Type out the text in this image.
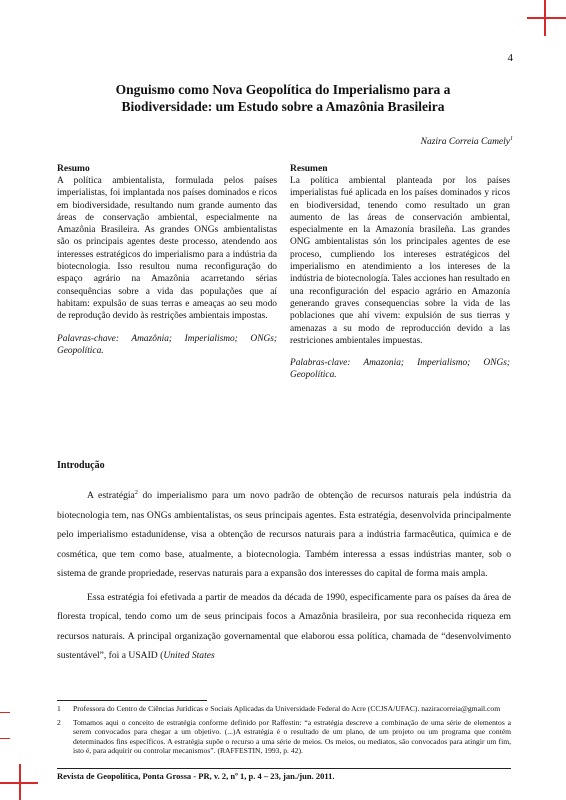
4
Onguismo como Nova Geopolítica do Imperialismo para a
Biodiversidade: um Estudo sobre a Amazônia Brasileira
Nazira Correia Camely$^1$
Resumo

A política ambientalista, formulada pelos países imperialistas, foi implantada nos países dominados e ricos em biodiversidade, resultando num grande aumento das áreas de conservação ambiental, especialmente na Amazônia Brasileira. As grandes ONGs ambientalistas são os principais agentes deste processo, atendendo aos interesses estratégicos do imperialismo para a indústria da biotecnologia. Isso resultou numa reconfiguração do espaço agrário na Amazônia acarretando sérias consequências sobre a vida das populações que aí habitam: expulsão de suas terras e ameaças ao seu modo de reprodução devido às restrições ambientais impostas.

Palavras-chave: Amazônia; Imperialismo; ONGs; Geopolítica.

Resumen

La política ambiental planteada por los países imperialistas fué aplicada en los países dominados y ricos en biodiversidad, tenendo como resultado un gran aumento de las áreas de conservación ambiental, especialmente en la Amazonía brasileña. Las grandes ONG ambientalistas són los principales agentes de ese proceso, cumpliendo los intereses estratégicos del imperialismo en atendimiento a los intereses de la indústria de biotecnología. Tales acciones han resultado en una reconfiguración del espacio agrário en Amazonía generando graves consequencias sobre la vida de las poblaciones que ahí vivem: expulsión de sus tierras y amenazas a su modo de reproducción devido a las restriciones ambientales impuestas.

Palabras-clave: Amazonia; Imperialismo; ONGs; Geopolítica.

Introdução

A estratégia$^2$ do imperialismo para um novo padrão de obtenção de recursos naturais pela indústria da biotecnologia tem, nas ONGs ambientalistas, os seus principais agentes. Esta estratégia, desenvolvida principalmente pelo imperialismo estadunidense, visa a obtenção de recursos naturais para a indústria farmacêutica, química e de cosmética, que tem como base, atualmente, a biotecnologia. Também interessa a essas indústrias manter, sob o sistema de grande propriedade, reservas naturais para a expansão dos interesses do capital de forma mais ampla.

Essa estratégia foi efetivada a partir de meados da década de 1990, especificamente para os países da área de floresta tropical, tendo como um de seus principais focos a Amazônia brasileira, por sua reconhecida riqueza em recursos naturais. A principal organização governamental que elaborou essa política, chamada de “desenvolvimento sustentável”, foi a USAID (United States

1	Professora do Centro de Ciências Jurídicas e Sociais Aplicadas da Universidade Federal do Acre (CCJSA/UFAC). naziracorreia@gmail.com
2	Tomamos aqui o conceito de estratégia conforme definido por Raffestin: “a estratégia descreve a combinação de uma série de elementos a serem convocados para chegar a um objetivo. (...)A estratégia é o resultado de um plano, de um projeto ou um programa que contém determinados fins específicos. A estratégia supõe o recurso a uma série de meios. Os meios, ou mediatos, são convocados para atingir um fim, isto é, para adquirir ou controlar mecanismos”. (RAFFESTIN, 1993, p. 42).
Revista de Geopolítica, Ponta Grossa - PR, v. 2, nº 1, p. 4 – 23, jan./jun. 2011.
